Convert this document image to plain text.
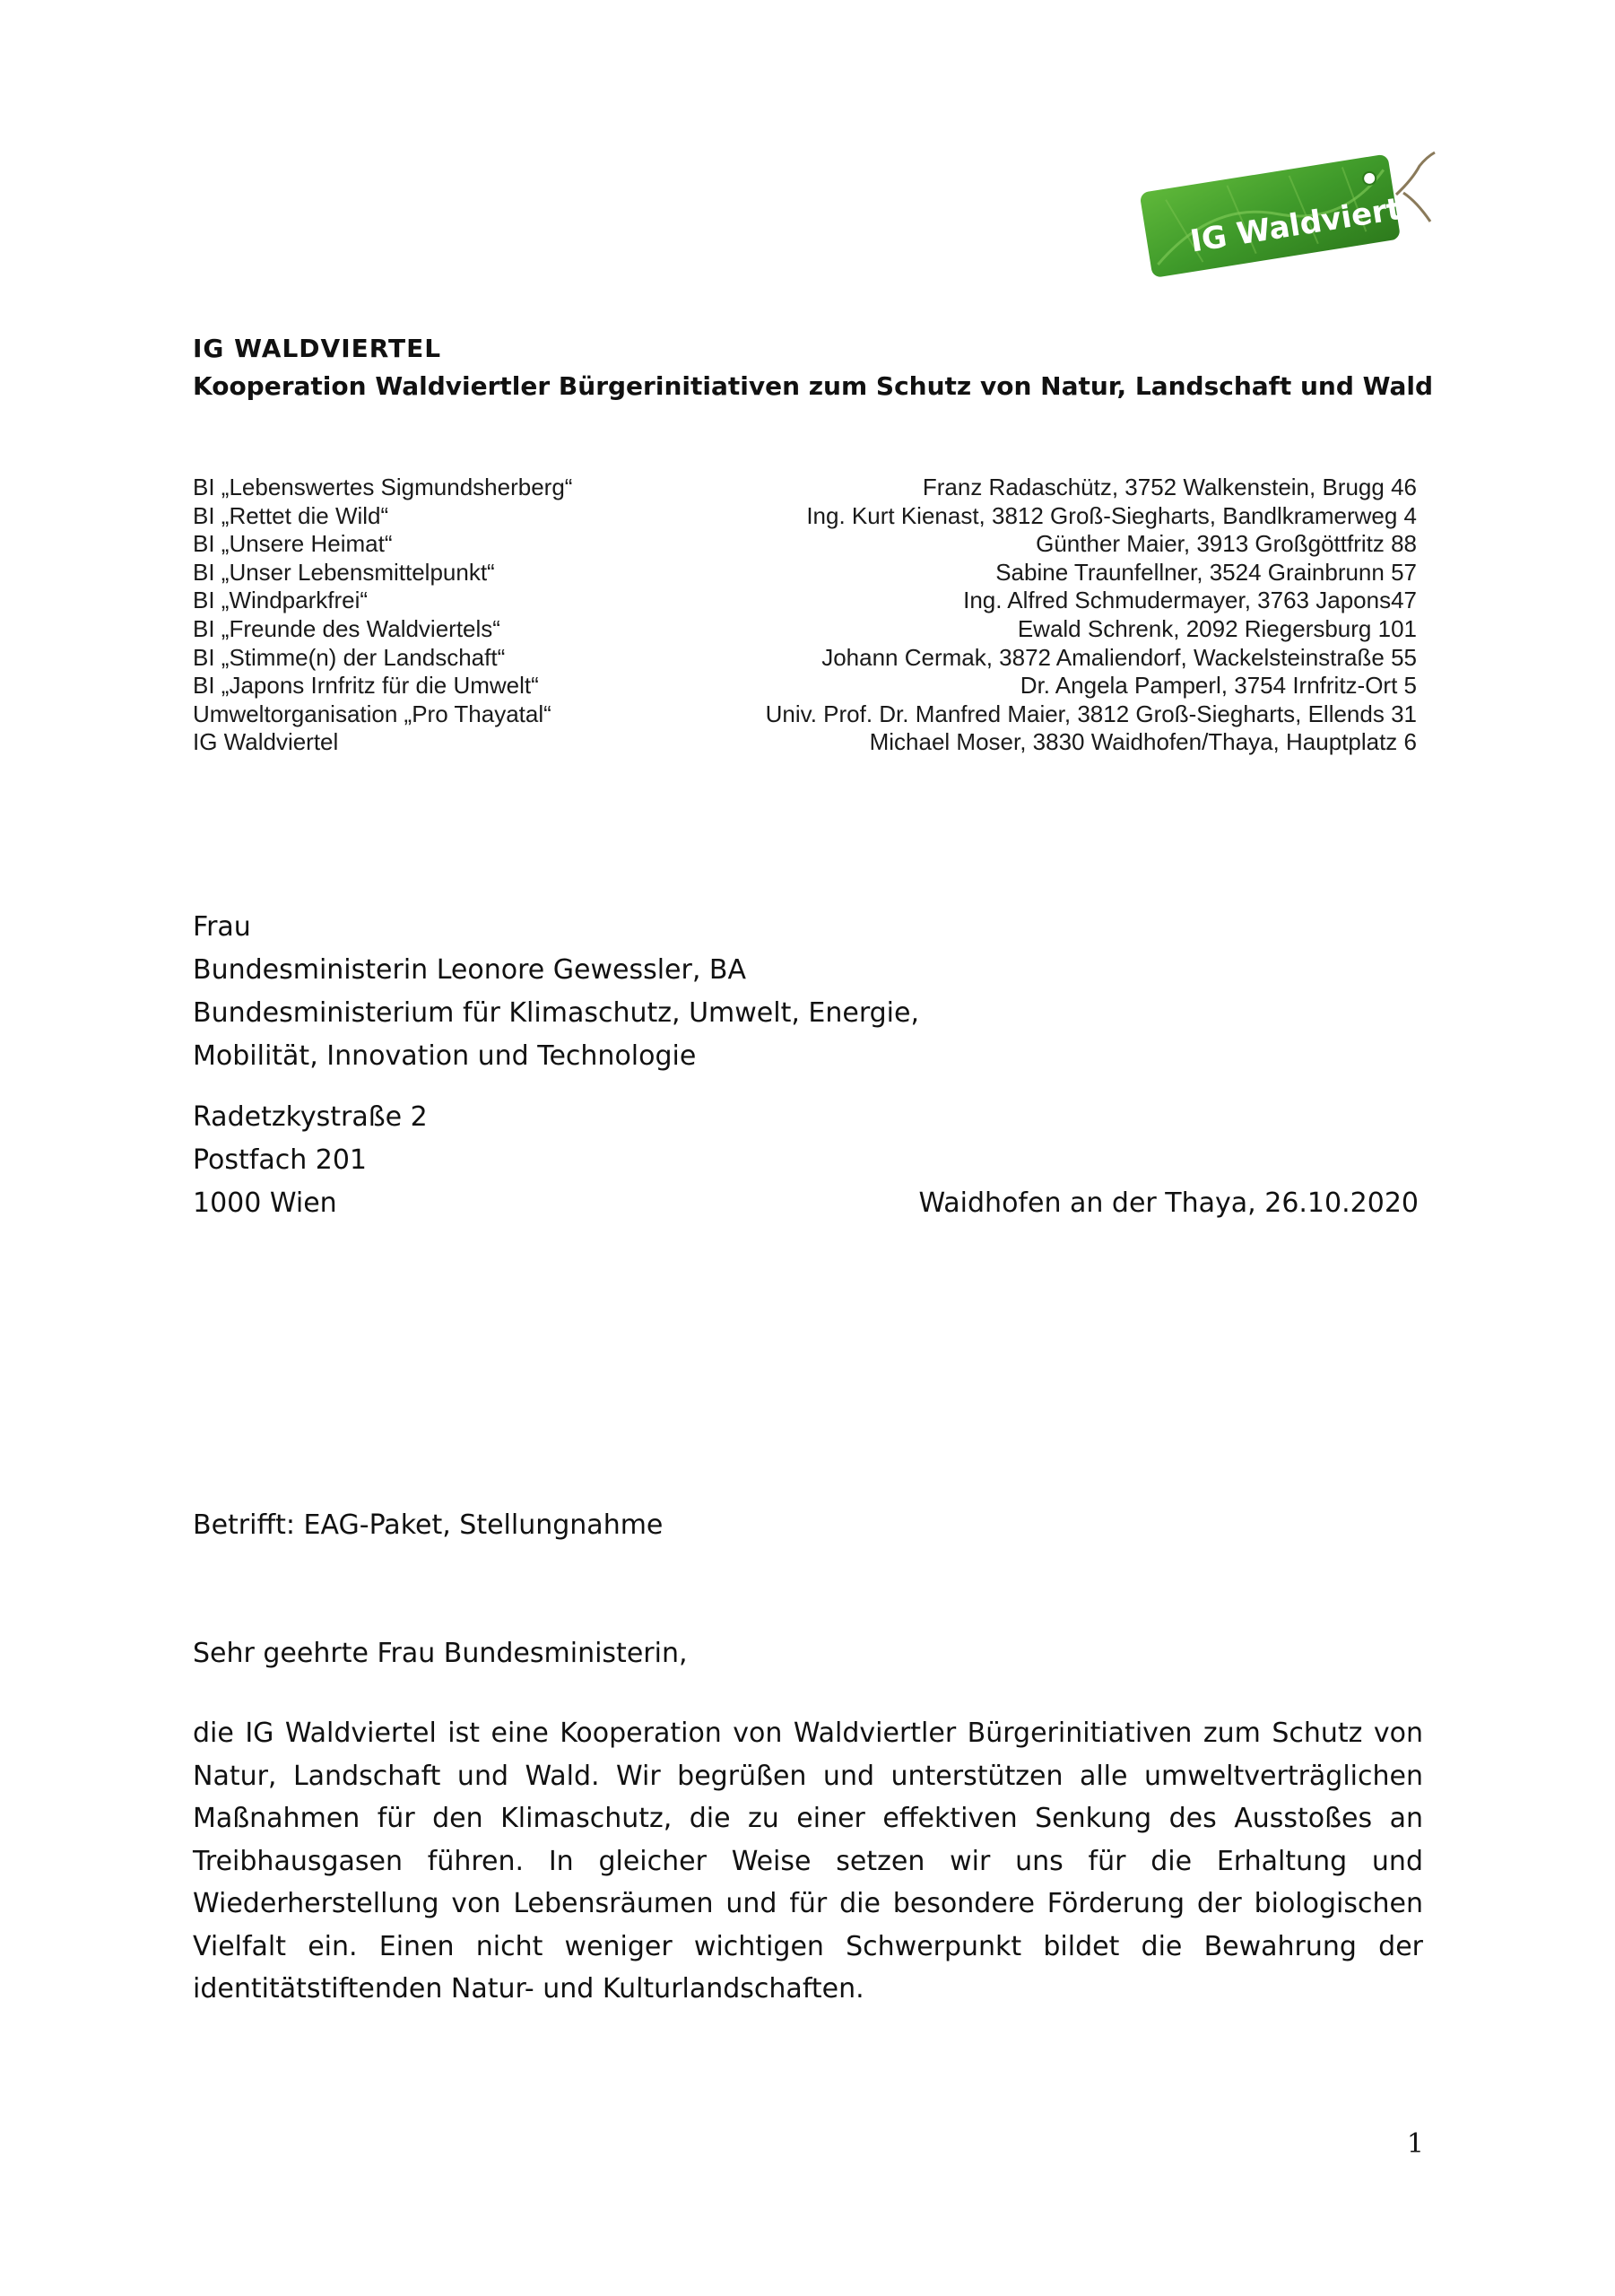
IG Waldviertel
IG WALDVIERTEL
Kooperation Waldviertler Bürgerinitiativen zum Schutz von Natur, Landschaft und Wald
BI „Lebenswertes Sigmundsherberg“	Franz Radaschütz, 3752 Walkenstein, Brugg 46
BI „Rettet die Wild“	Ing. Kurt Kienast, 3812 Groß-Siegharts, Bandlkramerweg 4
BI „Unsere Heimat“	Günther Maier, 3913 Großgöttfritz 88
BI „Unser Lebensmittelpunkt“	Sabine Traunfellner, 3524 Grainbrunn 57
BI „Windparkfrei“	Ing. Alfred Schmudermayer, 3763 Japons47
BI „Freunde des Waldviertels“	Ewald Schrenk, 2092 Riegersburg 101
BI „Stimme(n) der Landschaft“	Johann Cermak, 3872 Amaliendorf, Wackelsteinstraße 55
BI „Japons Irnfritz für die Umwelt“	Dr. Angela Pamperl, 3754 Irnfritz-Ort 5
Umweltorganisation „Pro Thayatal“	Univ. Prof. Dr. Manfred Maier, 3812 Groß-Siegharts, Ellends 31
IG Waldviertel	Michael Moser, 3830 Waidhofen/Thaya, Hauptplatz 6
Frau
Bundesministerin Leonore Gewessler, BA
Bundesministerium für Klimaschutz, Umwelt, Energie,
Mobilität, Innovation und Technologie
Radetzkystraße 2
Postfach 201
1000 Wien	Waidhofen an der Thaya, 26.10.2020
Betrifft: EAG-Paket, Stellungnahme
Sehr geehrte Frau Bundesministerin,
die IG Waldviertel ist eine Kooperation von Waldviertler Bürgerinitiativen zum Schutz von Natur, Landschaft und Wald. Wir begrüßen und unterstützen alle umweltverträglichen Maßnahmen für den Klimaschutz, die zu einer effektiven Senkung des Ausstoßes an Treibhausgasen führen. In gleicher Weise setzen wir uns für die Erhaltung und Wiederherstellung von Lebensräumen und für die besondere Förderung der biologischen Vielfalt ein. Einen nicht weniger wichtigen Schwerpunkt bildet die Bewahrung der identitätstiftenden Natur- und Kulturlandschaften.
1
